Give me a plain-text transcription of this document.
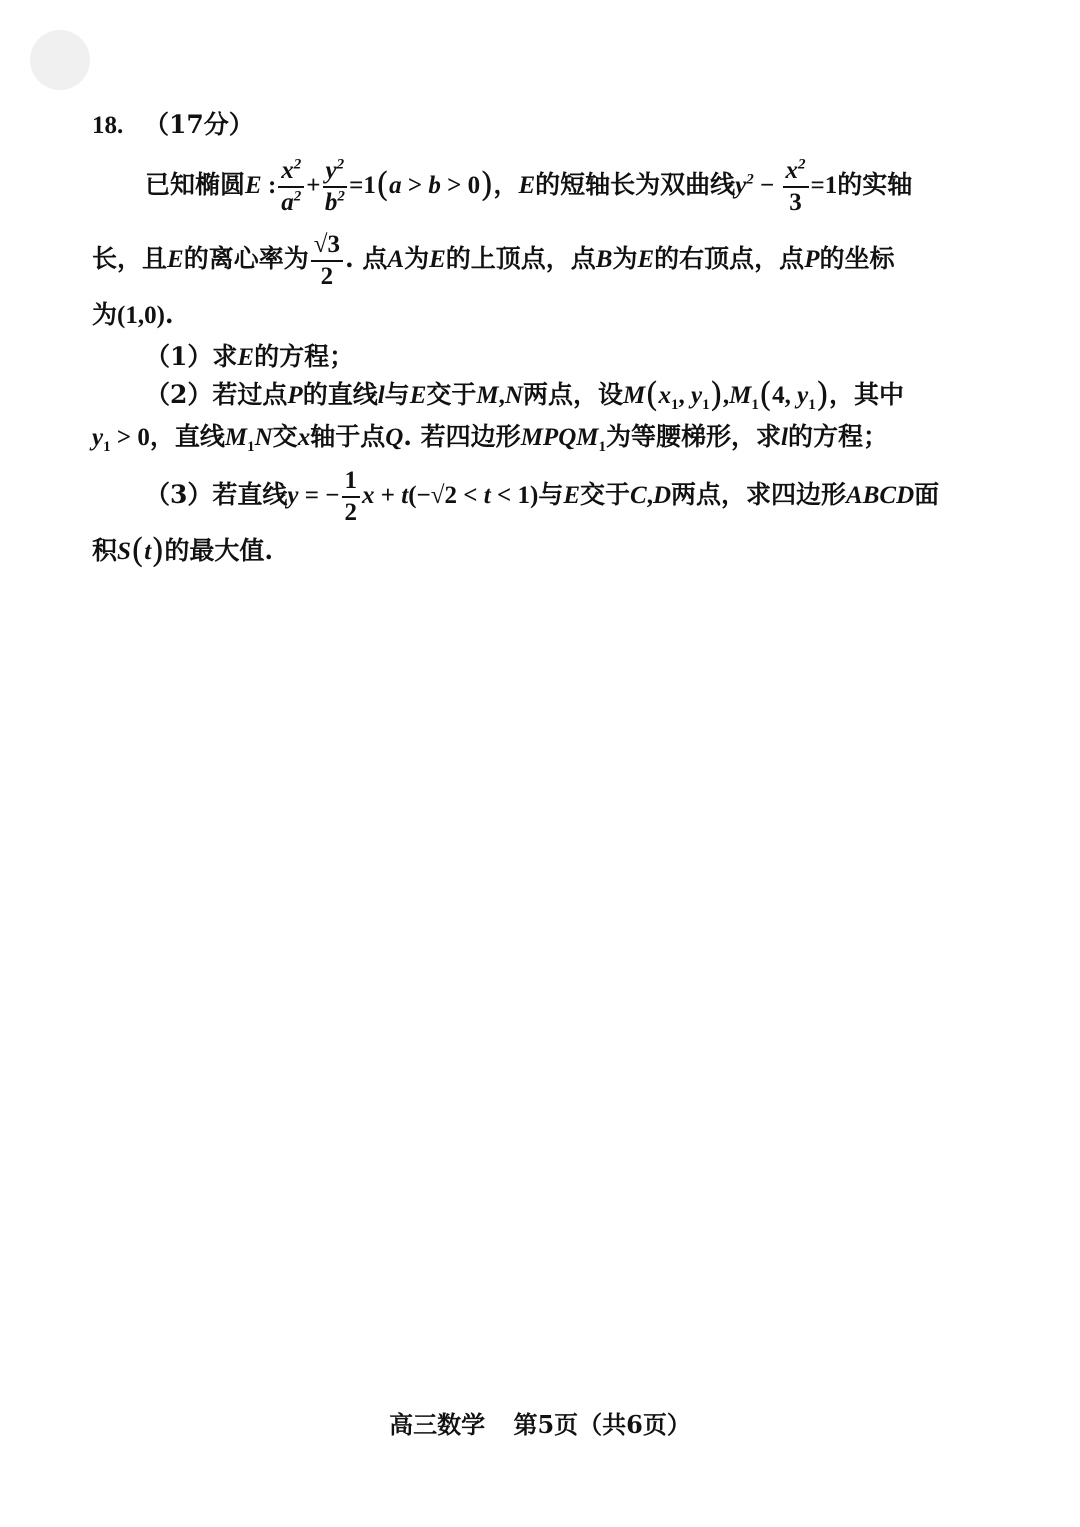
18. （17分）
已知椭圆E : $\frac{x^2}{a^2} + \frac{y^2}{b^2} =1(a > b > 0)$，E的短轴长为双曲线$y^2 - \frac{x^2}{3} =1$的实轴
长，且E的离心率为 $\frac{√3}{2}$ . 点A为E的上顶点，点B为E的右顶点，点P的坐标
为(1,0).
（1）求E的方程；
（2）若过点P的直线l与E交于M,N两点，设$M(x_1$, $y_1),M_1(4$, $y_1$)，其中
$y_1 > 0$，直线$M_1N$交x轴于点Q. 若四边形$MPQM_1$为等腰梯形，求l的方程；
（3）若直线y = − $\frac{1}{2}$ x + t(−√2 < t < 1)与E交于C,D两点，求四边形ABCD面
积S(t)的最大值.
高三数学 第5页（共6页）
